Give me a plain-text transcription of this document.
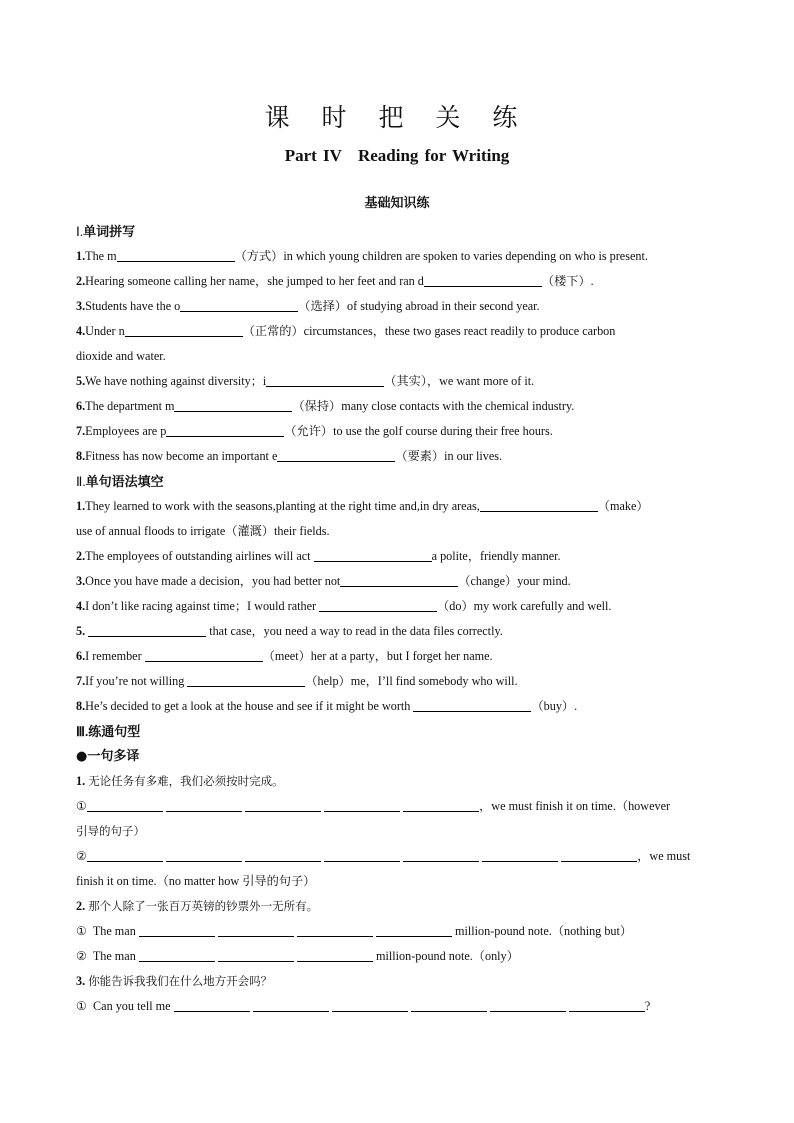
课 时 把 关 练
Part IV Reading for Writing
基础知识练
Ⅰ.单词拼写
1.The m	（方式）in which young children are spoken to varies depending on who is present.
2.Hearing someone calling her name，she jumped to her feet and ran d	（楼下）.
3.Students have the o	（选择）of studying abroad in their second year.
4.Under n	（正常的）circumstances，these two gases react readily to produce carbon
dioxide and water.
5.We have nothing against diversity；i	（其实），we want more of it.
6.The department m	（保持）many close contacts with the chemical industry.
7.Employees are p	（允许）to use the golf course during their free hours.
8.Fitness has now become an important e	（要素）in our lives.
Ⅱ.单句语法填空
1.They learned to work with the seasons,planting at the right time and,in dry areas,	（make）
use of annual floods to irrigate（灌溉）their fields.
2.The employees of outstanding airlines will act	a polite，friendly manner.
3.Once you have made a decision，you had better not	（change）your mind.
4.I don’t like racing against time；I would rather	（do）my work carefully and well.
5.	that case，you need a way to read in the data files correctly.
6.I remember	（meet）her at a party，but I forget her name.
7.If you’re not willing	（help）me，I’ll find somebody who will.
8.He’s decided to get a look at the house and see if it might be worth	（buy）.
Ⅲ.练通句型
●一句多译
1. 无论任务有多难，我们必须按时完成。
①	，we must finish it on time.（however
引导的句子）
②	，we must
finish it on time.（no matter how 引导的句子）
2. 那个人除了一张百万英镑的钞票外一无所有。
① The man	million-pound note.（nothing but）
② The man	million-pound note.（only）
3. 你能告诉我我们在什么地方开会吗？
① Can you tell me	?
